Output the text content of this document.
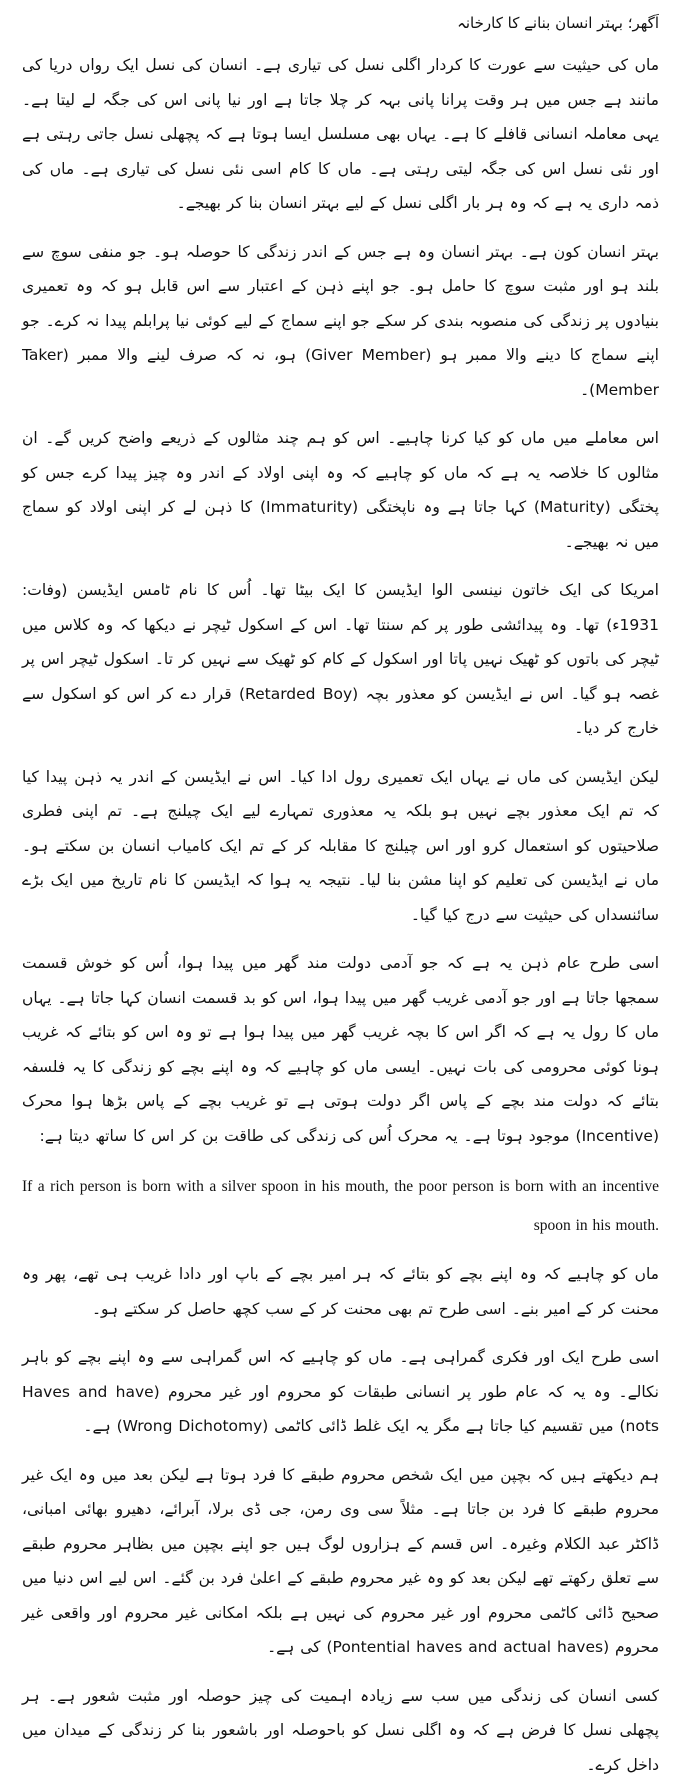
اَگھر؛ بہتر انسان بنانے کا کارخانہ

ماں کی حیثیت سے عورت کا کردار اگلی نسل کی تیاری ہے۔ انسان کی نسل ایک رواں دریا کی مانند ہے جس میں ہر وقت پرانا پانی بہہ کر چلا جاتا ہے اور نیا پانی اس کی جگہ لے لیتا ہے۔ یہی معاملہ انسانی قافلے کا ہے۔ یہاں بھی مسلسل ایسا ہوتا ہے کہ پچھلی نسل جاتی رہتی ہے اور نئی نسل اس کی جگہ لیتی رہتی ہے۔ ماں کا کام اسی نئی نسل کی تیاری ہے۔ ماں کی ذمہ داری یہ ہے کہ وہ ہر بار اگلی نسل کے لیے بہتر انسان بنا کر بھیجے۔

بہتر انسان کون ہے۔ بہتر انسان وہ ہے جس کے اندر زندگی کا حوصلہ ہو۔ جو منفی سوچ سے بلند ہو اور مثبت سوچ کا حامل ہو۔ جو اپنے ذہن کے اعتبار سے اس قابل ہو کہ وہ تعمیری بنیادوں پر زندگی کی منصوبہ بندی کر سکے جو اپنے سماج کے لیے کوئی نیا پرابلم پیدا نہ کرے۔ جو اپنے سماج کا دینے والا ممبر ہو (Giver Member) ہو، نہ کہ صرف لینے والا ممبر (Taker Member)۔

اس معاملے میں ماں کو کیا کرنا چاہیے۔ اس کو ہم چند مثالوں کے ذریعے واضح کریں گے۔ ان مثالوں کا خلاصہ یہ ہے کہ ماں کو چاہیے کہ وہ اپنی اولاد کے اندر وہ چیز پیدا کرے جس کو پختگی (Maturity) کہا جاتا ہے وہ ناپختگی (Immaturity) کا ذہن لے کر اپنی اولاد کو سماج میں نہ بھیجے۔

امریکا کی ایک خاتون نینسی الوا ایڈیسن کا ایک بیٹا تھا۔ اُس کا نام ٹامس ایڈیسن (وفات: 1931ء) تھا۔ وہ پیدائشی طور پر کم سنتا تھا۔ اس کے اسکول ٹیچر نے دیکھا کہ وہ کلاس میں ٹیچر کی باتوں کو ٹھیک نہیں پاتا اور اسکول کے کام کو ٹھیک سے نہیں کر تا۔ اسکول ٹیچر اس پر غصہ ہو گیا۔ اس نے ایڈیسن کو معذور بچہ (Retarded Boy) قرار دے کر اس کو اسکول سے خارج کر دیا۔

لیکن ایڈیسن کی ماں نے یہاں ایک تعمیری رول ادا کیا۔ اس نے ایڈیسن کے اندر یہ ذہن پیدا کیا کہ تم ایک معذور بچے نہیں ہو بلکہ یہ معذوری تمہارے لیے ایک چیلنج ہے۔ تم اپنی فطری صلاحیتوں کو استعمال کرو اور اس چیلنج کا مقابلہ کر کے تم ایک کامیاب انسان بن سکتے ہو۔ ماں نے ایڈیسن کی تعلیم کو اپنا مشن بنا لیا۔ نتیجہ یہ ہوا کہ ایڈیسن کا نام تاریخ میں ایک بڑے سائنسداں کی حیثیت سے درج کیا گیا۔

اسی طرح عام ذہن یہ ہے کہ جو آدمی دولت مند گھر میں پیدا ہوا، اُس کو خوش قسمت سمجھا جاتا ہے اور جو آدمی غریب گھر میں پیدا ہوا، اس کو بد قسمت انسان کہا جاتا ہے۔ یہاں ماں کا رول یہ ہے کہ اگر اس کا بچہ غریب گھر میں پیدا ہوا ہے تو وہ اس کو بتائے کہ غریب ہونا کوئی محرومی کی بات نہیں۔ ایسی ماں کو چاہیے کہ وہ اپنے بچے کو زندگی کا یہ فلسفہ بتائے کہ دولت مند بچے کے پاس اگر دولت ہوتی ہے تو غریب بچے کے پاس بڑھا ہوا محرک (Incentive) موجود ہوتا ہے۔ یہ محرک اُس کی زندگی کی طاقت بن کر اس کا ساتھ دیتا ہے:

If a rich person is born with a silver spoon in his mouth, the poor person is born with an incentive spoon in his mouth.

ماں کو چاہیے کہ وہ اپنے بچے کو بتائے کہ ہر امیر بچے کے باپ اور دادا غریب ہی تھے، پھر وہ محنت کر کے امیر بنے۔ اسی طرح تم بھی محنت کر کے سب کچھ حاصل کر سکتے ہو۔

اسی طرح ایک اور فکری گمراہی ہے۔ ماں کو چاہیے کہ اس گمراہی سے وہ اپنے بچے کو باہر نکالے۔ وہ یہ کہ عام طور پر انسانی طبقات کو محروم اور غیر محروم (Haves and have nots) میں تقسیم کیا جاتا ہے مگر یہ ایک غلط ڈائی کاٹمی (Wrong Dichotomy) ہے۔

ہم دیکھتے ہیں کہ بچپن میں ایک شخص محروم طبقے کا فرد ہوتا ہے لیکن بعد میں وہ ایک غیر محروم طبقے کا فرد بن جاتا ہے۔ مثلاً سی وی رمن، جی ڈی برلا، آبرائے، دھیرو بھائی امبانی، ڈاکٹر عبد الکلام وغیرہ۔ اس قسم کے ہزاروں لوگ ہیں جو اپنے بچپن میں بظاہر محروم طبقے سے تعلق رکھتے تھے لیکن بعد کو وہ غیر محروم طبقے کے اعلیٰ فرد بن گئے۔ اس لیے اس دنیا میں صحیح ڈائی کاٹمی محروم اور غیر محروم کی نہیں ہے بلکہ امکانی غیر محروم اور واقعی غیر محروم (Pontential haves and actual haves) کی ہے۔

کسی انسان کی زندگی میں سب سے زیادہ اہمیت کی چیز حوصلہ اور مثبت شعور ہے۔ ہر پچھلی نسل کا فرض ہے کہ وہ اگلی نسل کو باحوصلہ اور باشعور بنا کر زندگی کے میدان میں داخل کرے۔
